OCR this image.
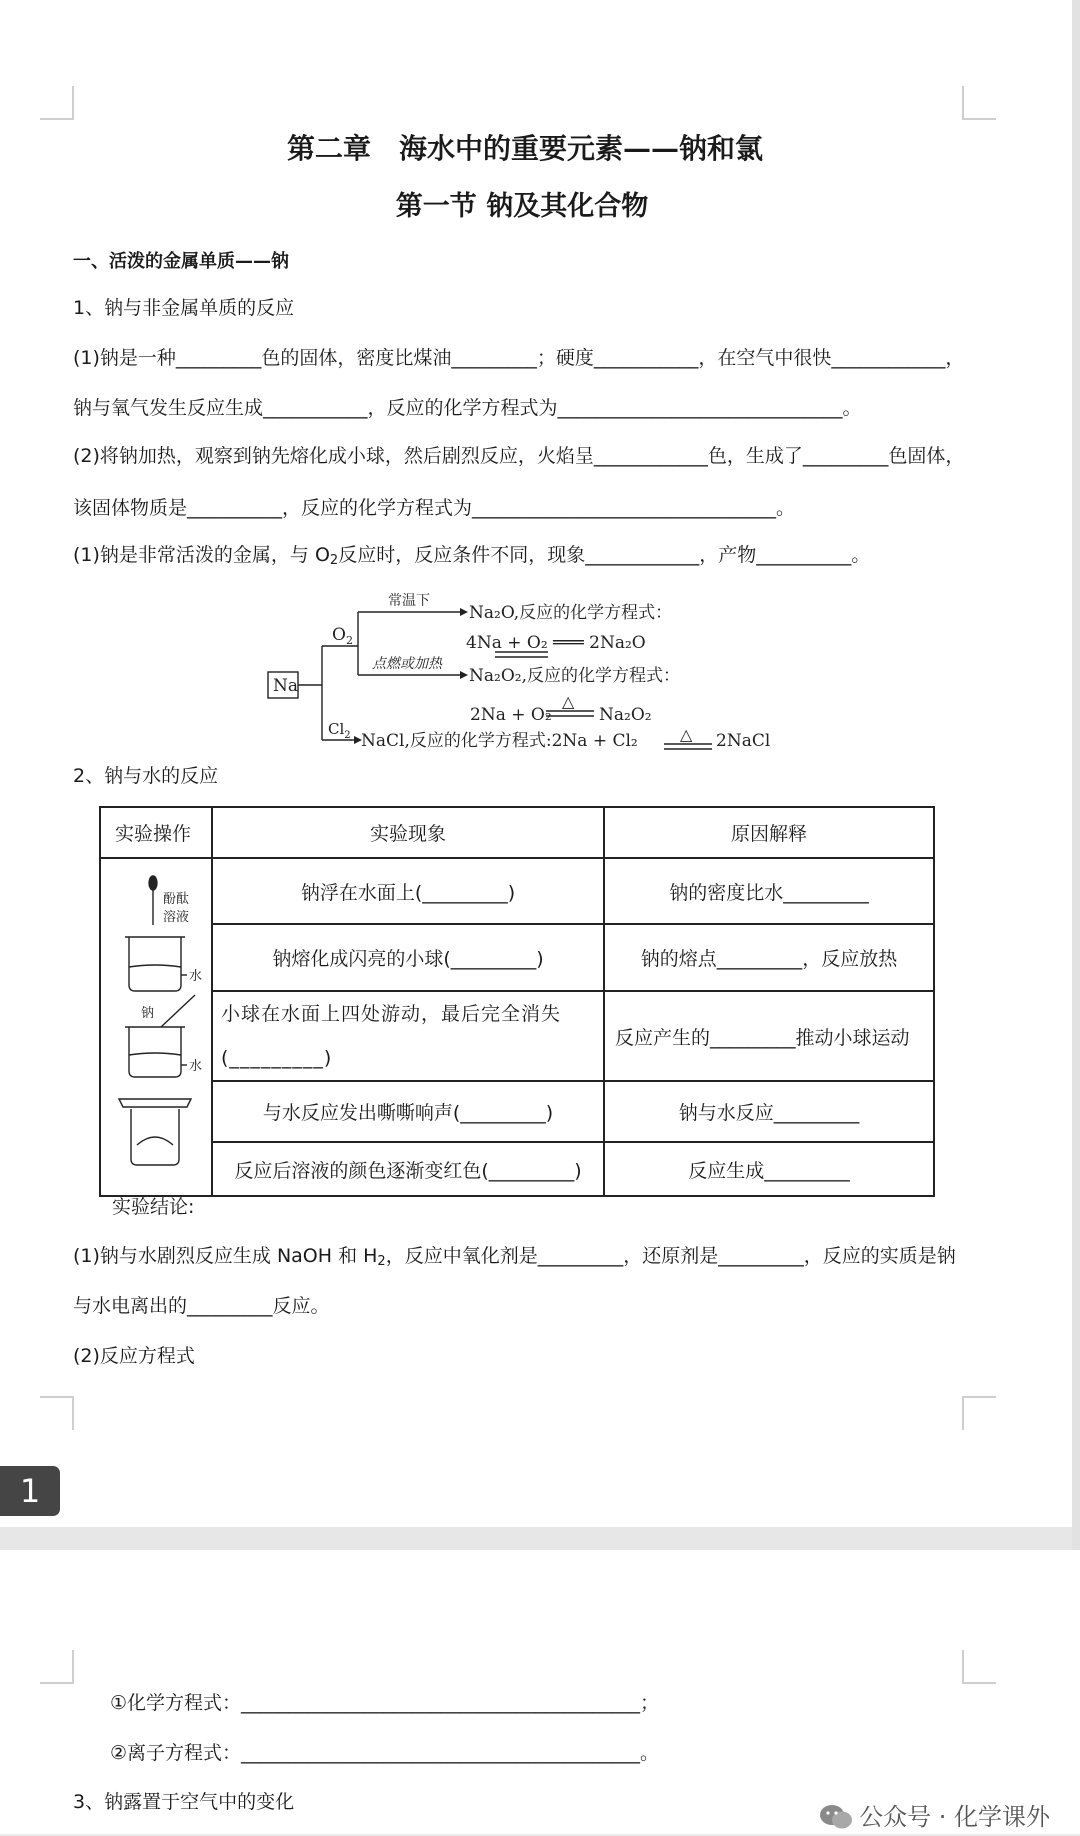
第二章　海水中的重要元素——钠和氯
第一节 钠及其化合物
一、活泼的金属单质——钠
1、钠与非金属单质的反应
(1)钠是一种_________色的固体，密度比煤油_________；硬度___________，在空气中很快____________，
钠与氧气发生反应生成___________，反应的化学方程式为______________________________。
(2)将钠加热，观察到钠先熔化成小球，然后剧烈反应，火焰呈____________色，生成了_________色固体，
该固体物质是__________，反应的化学方程式为________________________________。
(1)钠是非常活泼的金属，与 $O_2$反应时，反应条件不同，现象____________，产物__________。
Na
$O_2$
常温下
点燃或加热
Na₂O,反应的化学方程式：
4Na + O₂ ═══ 2Na₂O
Na₂O₂,反应的化学方程式：
2Na + O₂
△
Na₂O₂
$Cl_2$ NaCl,反应的化学方程式:2Na + Cl₂	△ 2NaCl
2、钠与水的反应
实验操作	实验现象	原因解释

酚酞
溶液
水
钠
水	钠浮在水面上(_________)	钠的密度比水_________
	钠熔化成闪亮的小球(_________)	钠的熔点_________，反应放热
	小球在水面上四处游动，最后完全消失(_________)	反应产生的_________推动小球运动
	与水反应发出嘶嘶响声(_________)	钠与水反应_________
	反应后溶液的颜色逐渐变红色(_________)	反应生成_________
实验结论:
(1)钠与水剧烈反应生成 NaOH 和 $H_2$，反应中氧化剂是_________，还原剂是_________，反应的实质是钠
与水电离出的_________反应。
(2)反应方程式
1
①化学方程式：__________________________________________；
②离子方程式：__________________________________________。
3、钠露置于空气中的变化
公众号 · 化学课外
